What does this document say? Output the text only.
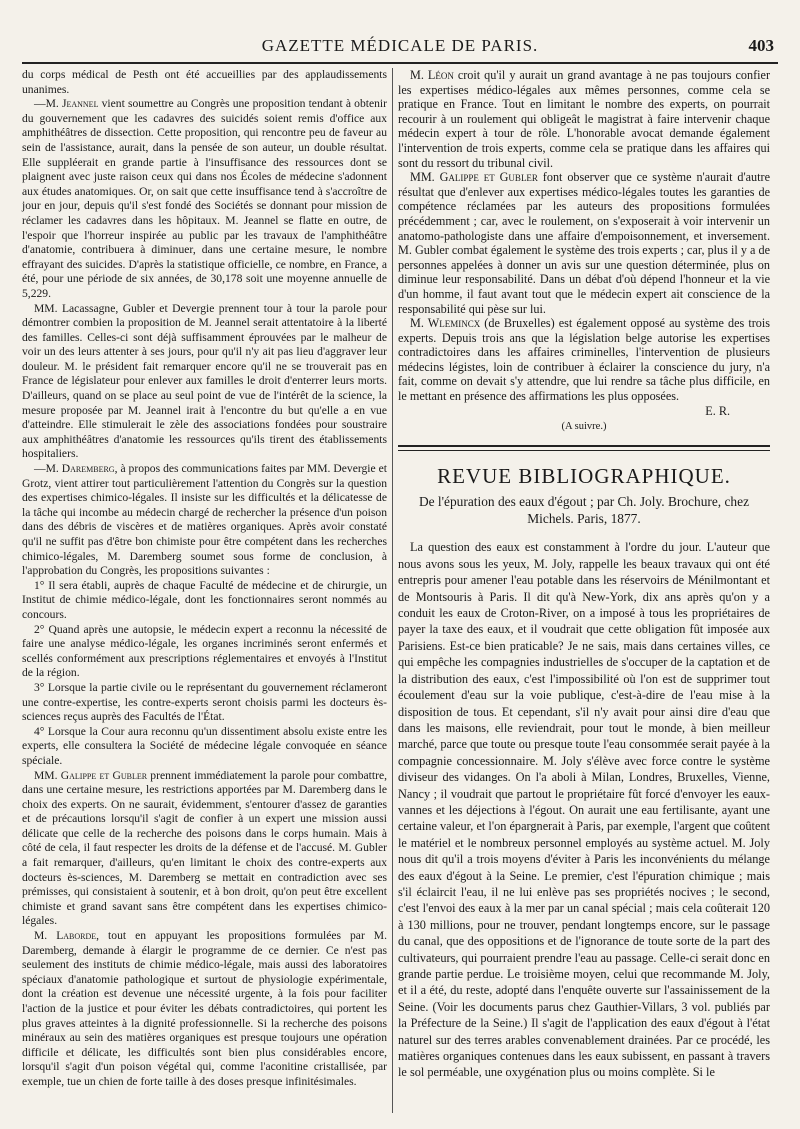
GAZETTE MÉDICALE DE PARIS.	403

du corps médical de Pesth ont été accueillies par des applaudissements unanimes.

—M. Jeannel vient soumettre au Congrès une proposition tendant à obtenir du gouvernement que les cadavres des suicidés soient remis d'office aux amphithéâtres de dissection. Cette proposition, qui rencontre peu de faveur au sein de l'assistance, aurait, dans la pensée de son auteur, un double résultat. Elle suppléerait en grande partie à l'insuffisance des ressources dont se plaignent avec juste raison ceux qui dans nos Écoles de médecine s'adonnent aux études anatomiques. Or, on sait que cette insuffisance tend à s'accroître de jour en jour, depuis qu'il s'est fondé des Sociétés se donnant pour mission de réclamer les cadavres dans les hôpitaux. M. Jeannel se flatte en outre, de l'espoir que l'horreur inspirée au public par les travaux de l'amphithéâtre d'anatomie, contribuera à diminuer, dans une certaine mesure, le nombre effrayant des suicides. D'après la statistique officielle, ce nombre, en France, a été, pour une période de six années, de 30,178 soit une moyenne annuelle de 5,229.

MM. Lacassagne, Gubler et Devergie prennent tour à tour la parole pour démontrer combien la proposition de M. Jeannel serait attentatoire à la liberté des familles. Celles-ci sont déjà suffisamment éprouvées par le malheur de voir un des leurs attenter à ses jours, pour qu'il n'y ait pas lieu d'aggraver leur douleur. M. le président fait remarquer encore qu'il ne se trouverait pas en France de législateur pour enlever aux familles le droit d'enterrer leurs morts. D'ailleurs, quand on se place au seul point de vue de l'intérêt de la science, la mesure proposée par M. Jeannel irait à l'encontre du but qu'elle a en vue d'atteindre. Elle stimulerait le zèle des associations fondées pour soustraire aux amphithéâtres d'anatomie les ressources qu'ils tirent des établissements hospitaliers.

—M. Daremberg, à propos des communications faites par MM. Devergie et Grotz, vient attirer tout particulièrement l'attention du Congrès sur la question des expertises chimico-légales. Il insiste sur les difficultés et la délicatesse de la tâche qui incombe au médecin chargé de rechercher la présence d'un poison dans des débris de viscères et de matières organiques. Après avoir constaté qu'il ne suffit pas d'être bon chimiste pour être compétent dans les recherches chimico-légales, M. Daremberg soumet sous forme de conclusion, à l'approbation du Congrès, les propositions suivantes :

1° Il sera établi, auprès de chaque Faculté de médecine et de chirurgie, un Institut de chimie médico-légale, dont les fonctionnaires seront nommés au concours.

2° Quand après une autopsie, le médecin expert a reconnu la nécessité de faire une analyse médico-légale, les organes incriminés seront enfermés et scellés conformément aux prescriptions réglementaires et envoyés à l'Institut de la région.

3° Lorsque la partie civile ou le représentant du gouvernement réclameront une contre-expertise, les contre-experts seront choisis parmi les docteurs ès-sciences reçus auprès des Facultés de l'État.

4° Lorsque la Cour aura reconnu qu'un dissentiment absolu existe entre les experts, elle consultera la Société de médecine légale convoquée en séance spéciale.

MM. Galippe et Gubler prennent immédiatement la parole pour combattre, dans une certaine mesure, les restrictions apportées par M. Daremberg dans le choix des experts. On ne saurait, évidemment, s'entourer d'assez de garanties et de précautions lorsqu'il s'agit de confier à un expert une mission aussi délicate que celle de la recherche des poisons dans le corps humain. Mais à côté de cela, il faut respecter les droits de la défense et de l'accusé. M. Gubler a fait remarquer, d'ailleurs, qu'en limitant le choix des contre-experts aux docteurs ès-sciences, M. Daremberg se mettait en contradiction avec ses prémisses, qui consistaient à soutenir, et à bon droit, qu'on peut être excellent chimiste et grand savant sans être compétent dans les expertises chimico-légales.

M. Laborde, tout en appuyant les propositions formulées par M. Daremberg, demande à élargir le programme de ce dernier. Ce n'est pas seulement des instituts de chimie médico-légale, mais aussi des laboratoires spéciaux d'anatomie pathologique et surtout de physiologie expérimentale, dont la création est devenue une nécessité urgente, à la fois pour faciliter l'action de la justice et pour éviter les débats contradictoires, qui portent les plus graves atteintes à la dignité professionnelle. Si la recherche des poisons minéraux au sein des matières organiques est presque toujours une opération difficile et délicate, les difficultés sont bien plus considérables encore, lorsqu'il s'agit d'un poison végétal qui, comme l'aconitine cristallisée, par exemple, tue un chien de forte taille à des doses presque infinitésimales.

M. Léon croit qu'il y aurait un grand avantage à ne pas toujours confier les expertises médico-légales aux mêmes personnes, comme cela se pratique en France. Tout en limitant le nombre des experts, on pourrait recourir à un roulement qui obligeât le magistrat à faire intervenir chaque médecin expert à tour de rôle. L'honorable avocat demande également l'intervention de trois experts, comme cela se pratique dans les affaires qui sont du ressort du tribunal civil.

MM. Galippe et Gubler font observer que ce système n'aurait d'autre résultat que d'enlever aux expertises médico-légales toutes les garanties de compétence réclamées par les auteurs des propositions formulées précédemment ; car, avec le roulement, on s'exposerait à voir intervenir un anatomo-pathologiste dans une affaire d'empoisonnement, et inversement. M. Gubler combat également le système des trois experts ; car, plus il y a de personnes appelées à donner un avis sur une question déterminée, plus on diminue leur responsabilité. Dans un débat d'où dépend l'honneur et la vie d'un homme, il faut avant tout que le médecin expert ait conscience de la responsabilité qui pèse sur lui.

M. Wlemincx (de Bruxelles) est également opposé au système des trois experts. Depuis trois ans que la législation belge autorise les expertises contradictoires dans les affaires criminelles, l'intervention de plusieurs médecins légistes, loin de contribuer à éclairer la conscience du jury, n'a fait, comme on devait s'y attendre, que lui rendre sa tâche plus difficile, en le mettant en présence des affirmations les plus opposées.

E. R.

(A suivre.)

REVUE BIBLIOGRAPHIQUE.

De l'épuration des eaux d'égout ; par Ch. Joly. Brochure, chez Michels. Paris, 1877.

La question des eaux est constamment à l'ordre du jour. L'auteur que nous avons sous les yeux, M. Joly, rappelle les beaux travaux qui ont été entrepris pour amener l'eau potable dans les réservoirs de Ménilmontant et de Montsouris à Paris. Il dit qu'à New-York, dix ans après qu'on y a conduit les eaux de Croton-River, on a imposé à tous les propriétaires de payer la taxe des eaux, et il voudrait que cette obligation fût imposée aux Parisiens. Est-ce bien praticable? Je ne sais, mais dans certaines villes, ce qui empêche les compagnies industrielles de s'occuper de la captation et de la distribution des eaux, c'est l'impossibilité où l'on est de supprimer tout écoulement d'eau sur la voie publique, c'est-à-dire de l'eau mise à la disposition de tous. Et cependant, s'il n'y avait pour ainsi dire d'eau que dans les maisons, elle reviendrait, pour tout le monde, à bien meilleur marché, parce que toute ou presque toute l'eau consommée serait payée à la compagnie concessionnaire. M. Joly s'élève avec force contre le système diviseur des vidanges. On l'a aboli à Milan, Londres, Bruxelles, Vienne, Nancy ; il voudrait que partout le propriétaire fût forcé d'envoyer les eaux-vannes et les déjections à l'égout. On aurait une eau fertilisante, ayant une certaine valeur, et l'on épargnerait à Paris, par exemple, l'argent que coûtent le matériel et le nombreux personnel employés au système actuel. M. Joly nous dit qu'il a trois moyens d'éviter à Paris les inconvénients du mélange des eaux d'égout à la Seine. Le premier, c'est l'épuration chimique ; mais s'il éclaircit l'eau, il ne lui enlève pas ses propriétés nocives ; le second, c'est l'envoi des eaux à la mer par un canal spécial ; mais cela coûterait 120 à 130 millions, pour ne trouver, pendant longtemps encore, sur le passage du canal, que des oppositions et de l'ignorance de toute sorte de la part des cultivateurs, qui pourraient prendre l'eau au passage. Celle-ci serait donc en grande partie perdue. Le troisième moyen, celui que recommande M. Joly, et il a été, du reste, adopté dans l'enquête ouverte sur l'assainissement de la Seine. (Voir les documents parus chez Gauthier-Villars, 3 vol. publiés par la Préfecture de la Seine.) Il s'agit de l'application des eaux d'égout à l'état naturel sur des terres arables convenablement drainées. Par ce procédé, les matières organiques contenues dans les eaux subissent, en passant à travers le sol perméable, une oxygénation plus ou moins complète. Si le
